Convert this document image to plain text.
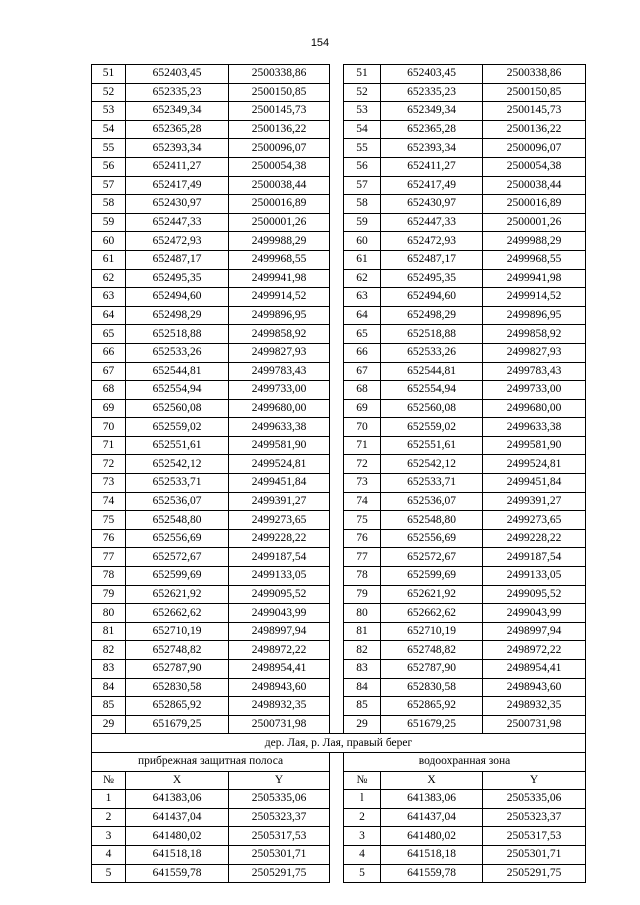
154
51	652403,45	2500338,86		51	652403,45	2500338,86
52	652335,23	2500150,85		52	652335,23	2500150,85
53	652349,34	2500145,73		53	652349,34	2500145,73
54	652365,28	2500136,22		54	652365,28	2500136,22
55	652393,34	2500096,07		55	652393,34	2500096,07
56	652411,27	2500054,38		56	652411,27	2500054,38
57	652417,49	2500038,44		57	652417,49	2500038,44
58	652430,97	2500016,89		58	652430,97	2500016,89
59	652447,33	2500001,26		59	652447,33	2500001,26
60	652472,93	2499988,29		60	652472,93	2499988,29
61	652487,17	2499968,55		61	652487,17	2499968,55
62	652495,35	2499941,98		62	652495,35	2499941,98
63	652494,60	2499914,52		63	652494,60	2499914,52
64	652498,29	2499896,95		64	652498,29	2499896,95
65	652518,88	2499858,92		65	652518,88	2499858,92
66	652533,26	2499827,93		66	652533,26	2499827,93
67	652544,81	2499783,43		67	652544,81	2499783,43
68	652554,94	2499733,00		68	652554,94	2499733,00
69	652560,08	2499680,00		69	652560,08	2499680,00
70	652559,02	2499633,38		70	652559,02	2499633,38
71	652551,61	2499581,90		71	652551,61	2499581,90
72	652542,12	2499524,81		72	652542,12	2499524,81
73	652533,71	2499451,84		73	652533,71	2499451,84
74	652536,07	2499391,27		74	652536,07	2499391,27
75	652548,80	2499273,65		75	652548,80	2499273,65
76	652556,69	2499228,22		76	652556,69	2499228,22
77	652572,67	2499187,54		77	652572,67	2499187,54
78	652599,69	2499133,05		78	652599,69	2499133,05
79	652621,92	2499095,52		79	652621,92	2499095,52
80	652662,62	2499043,99		80	652662,62	2499043,99
81	652710,19	2498997,94		81	652710,19	2498997,94
82	652748,82	2498972,22		82	652748,82	2498972,22
83	652787,90	2498954,41		83	652787,90	2498954,41
84	652830,58	2498943,60		84	652830,58	2498943,60
85	652865,92	2498932,35		85	652865,92	2498932,35
29	651679,25	2500731,98		29	651679,25	2500731,98
дер. Лая, р. Лая, правый берег						
прибрежная защитная полоса				водоохранная зона		
№	X	Y		№	X	Y
1	641383,06	2505335,06		l	641383,06	2505335,06
2	641437,04	2505323,37		2	641437,04	2505323,37
3	641480,02	2505317,53		3	641480,02	2505317,53
4	641518,18	2505301,71		4	641518,18	2505301,71
5	641559,78	2505291,75		5	641559,78	2505291,75
